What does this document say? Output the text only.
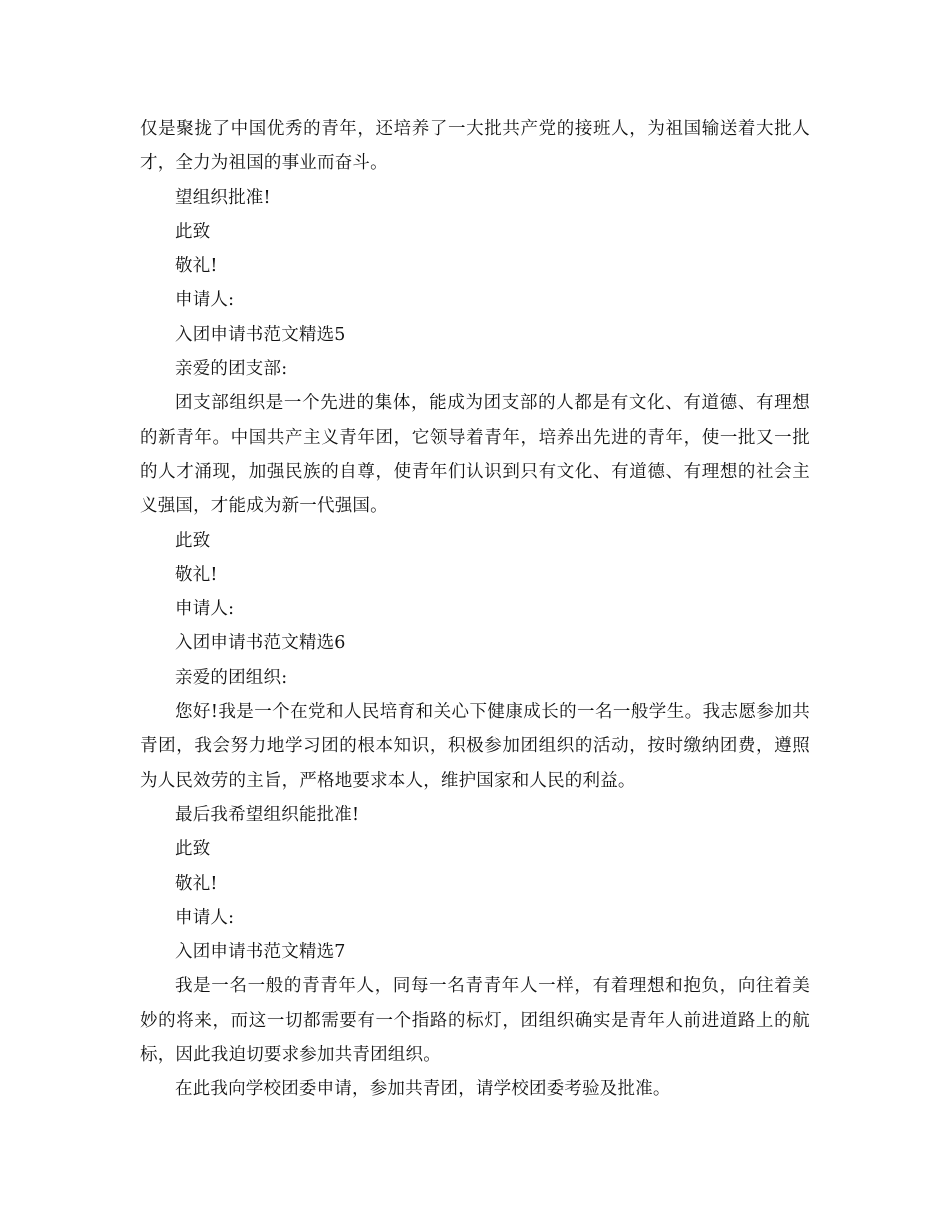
仅是聚拢了中国优秀的青年，还培养了一大批共产党的接班人，为祖国输送着大批人才，全力为祖国的事业而奋斗。

望组织批准!

此致

敬礼!

申请人:

入团申请书范文精选5

亲爱的团支部:

团支部组织是一个先进的集体，能成为团支部的人都是有文化、有道德、有理想的新青年。中国共产主义青年团，它领导着青年，培养出先进的青年，使一批又一批的人才涌现，加强民族的自尊，使青年们认识到只有文化、有道德、有理想的社会主义强国，才能成为新一代强国。

此致

敬礼!

申请人:

入团申请书范文精选6

亲爱的团组织:

您好!我是一个在党和人民培育和关心下健康成长的一名一般学生。我志愿参加共青团，我会努力地学习团的根本知识，积极参加团组织的活动，按时缴纳团费，遵照为人民效劳的主旨，严格地要求本人，维护国家和人民的利益。

最后我希望组织能批准!

此致

敬礼!

申请人:

入团申请书范文精选7

我是一名一般的青青年人，同每一名青青年人一样，有着理想和抱负，向往着美妙的将来，而这一切都需要有一个指路的标灯，团组织确实是青年人前进道路上的航标，因此我迫切要求参加共青团组织。

在此我向学校团委申请，参加共青团，请学校团委考验及批准。
